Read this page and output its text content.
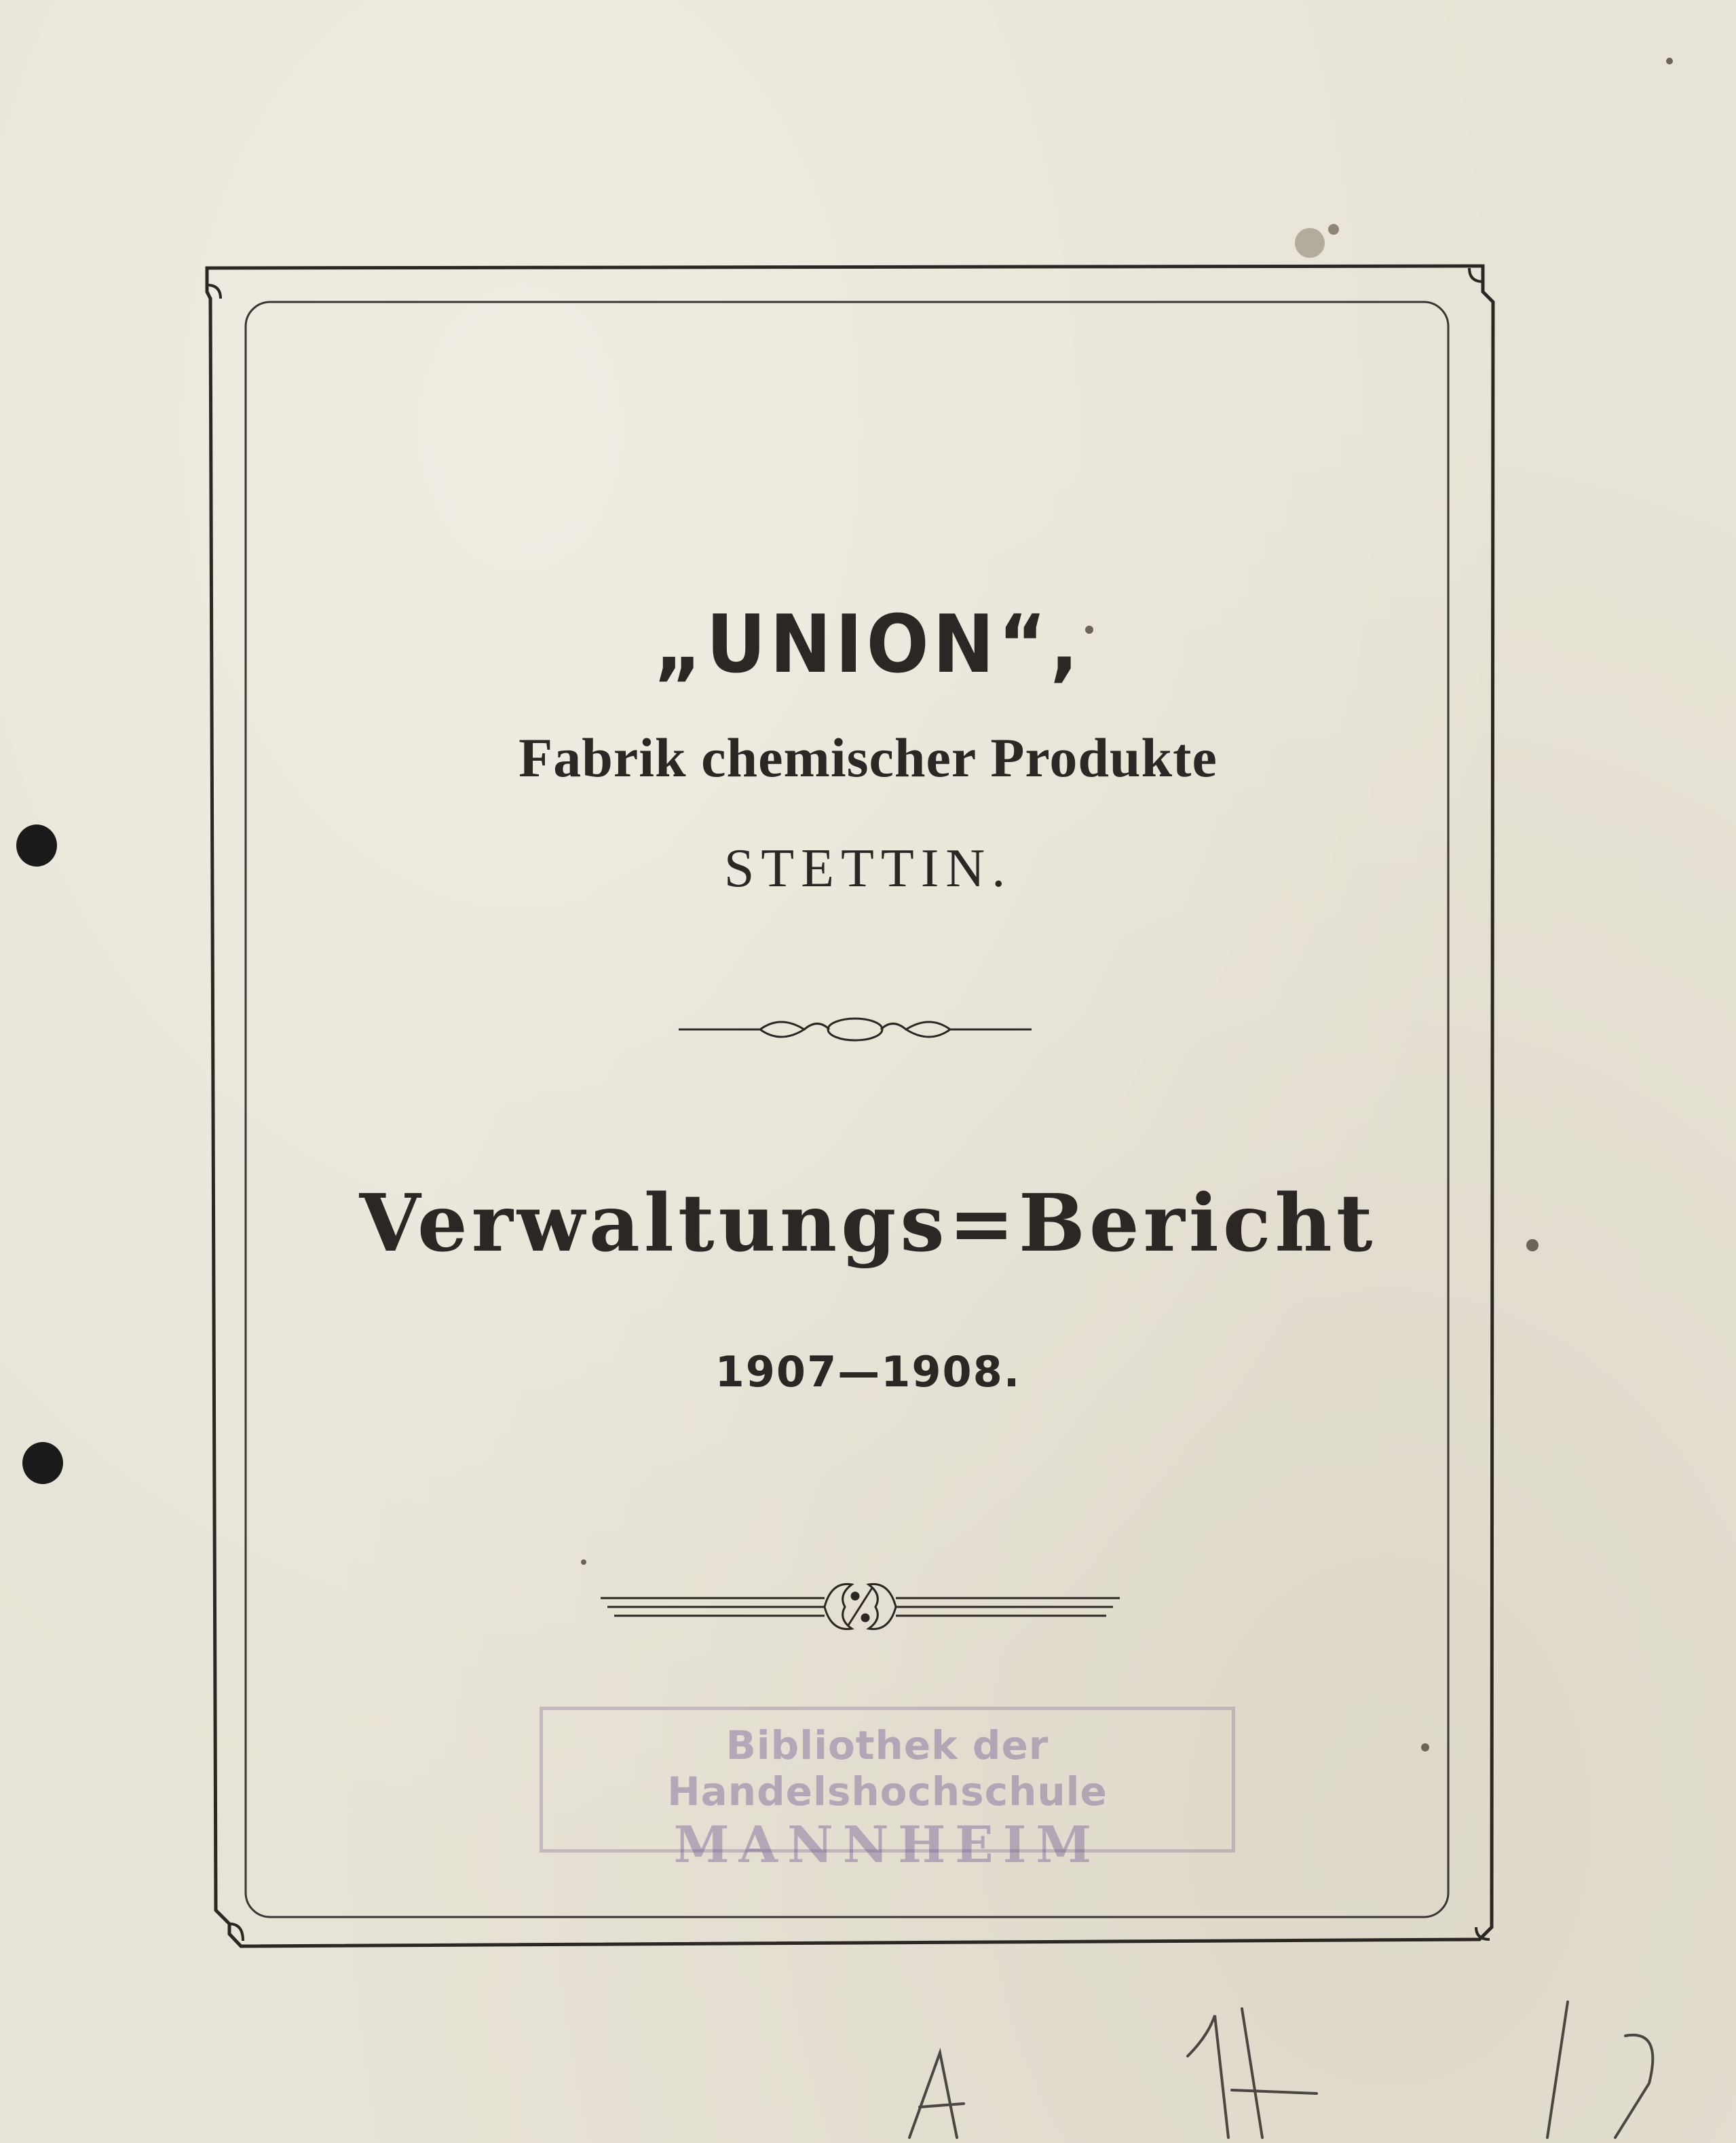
„UNION“,
Fabrik chemischer Produkte
STETTIN.
Verwaltungs=Bericht
1907—1908.
Bibliothek der Handelshochschule
MANNHEIM
